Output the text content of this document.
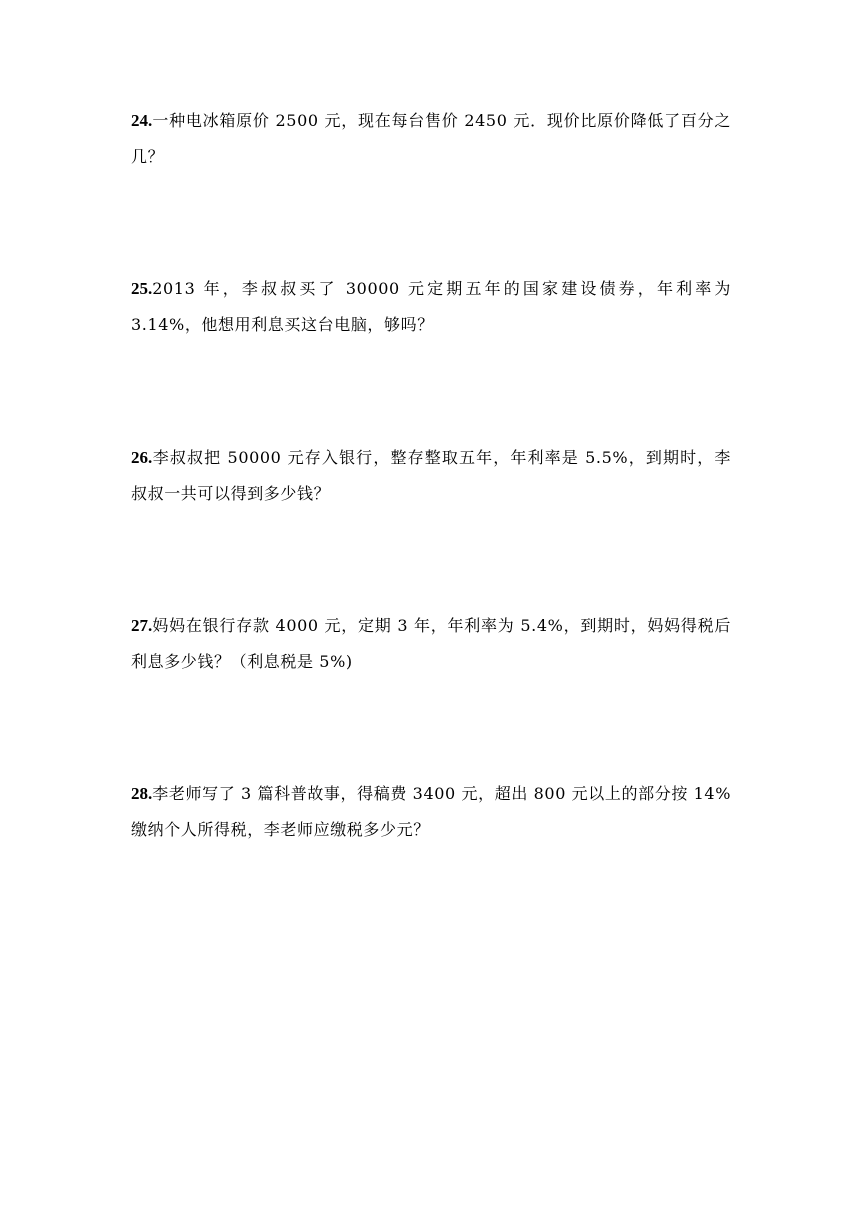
24.一种电冰箱原价 2500 元，现在每台售价 2450 元．现价比原价降低了百分之几？
25.2013 年，李叔叔买了 30000 元定期五年的国家建设债券，年利率为 3.14%，他想用利息买这台电脑，够吗？
26.李叔叔把 50000 元存入银行，整存整取五年，年利率是 5.5%，到期时，李叔叔一共可以得到多少钱？
27.妈妈在银行存款 4000 元，定期 3 年，年利率为 5.4%，到期时，妈妈得税后利息多少钱？（利息税是 5%)
28.李老师写了 3 篇科普故事，得稿费 3400 元，超出 800 元以上的部分按 14%缴纳个人所得税，李老师应缴税多少元？
